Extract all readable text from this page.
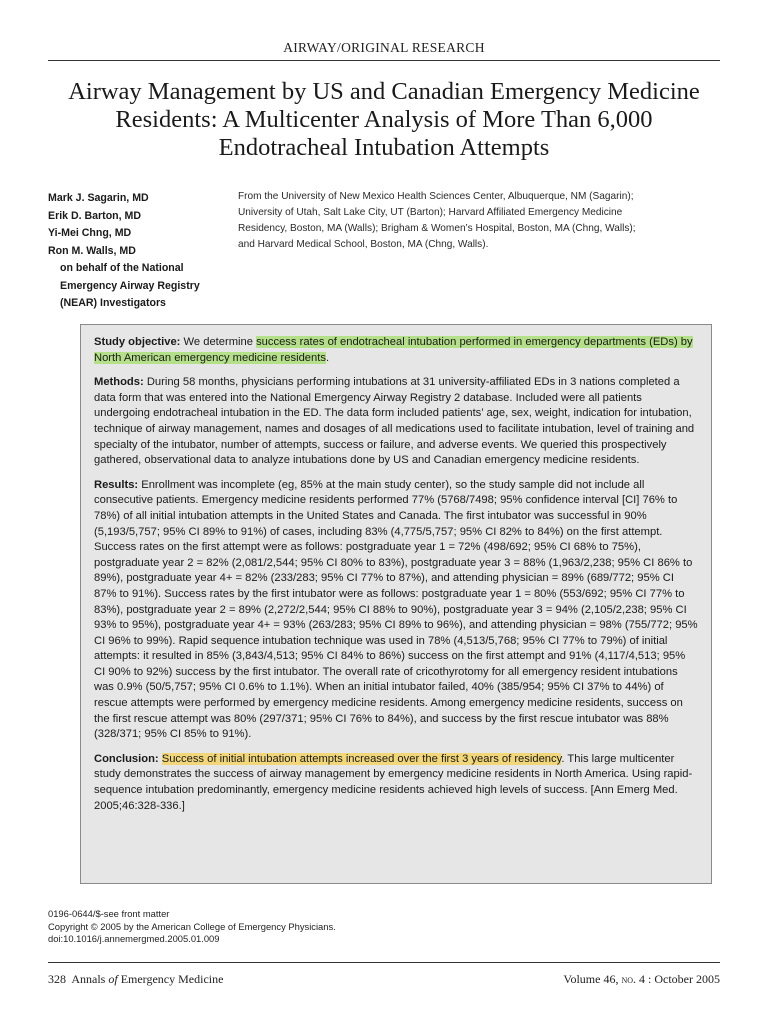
AIRWAY/ORIGINAL RESEARCH
Airway Management by US and Canadian Emergency Medicine
Residents: A Multicenter Analysis of More Than 6,000
Endotracheal Intubation Attempts
Mark J. Sagarin, MD
Erik D. Barton, MD
Yi-Mei Chng, MD
Ron M. Walls, MD
on behalf of the National
Emergency Airway Registry
(NEAR) Investigators
From the University of New Mexico Health Sciences Center, Albuquerque, NM (Sagarin);
University of Utah, Salt Lake City, UT (Barton); Harvard Affiliated Emergency Medicine
Residency, Boston, MA (Walls); Brigham & Women’s Hospital, Boston, MA (Chng, Walls);
and Harvard Medical School, Boston, MA (Chng, Walls).

Study objective: We determine success rates of endotracheal intubation performed in emergency departments (EDs) by North American emergency medicine residents.

Methods: During 58 months, physicians performing intubations at 31 university-affiliated EDs in 3 nations completed a data form that was entered into the National Emergency Airway Registry 2 database. Included were all patients undergoing endotracheal intubation in the ED. The data form included patients’ age, sex, weight, indication for intubation, technique of airway management, names and dosages of all medications used to facilitate intubation, level of training and specialty of the intubator, number of attempts, success or failure, and adverse events. We queried this prospectively gathered, observational data to analyze intubations done by US and Canadian emergency medicine residents.

Results: Enrollment was incomplete (eg, 85% at the main study center), so the study sample did not include all consecutive patients. Emergency medicine residents performed 77% (5768/7498; 95% confidence interval [CI] 76% to 78%) of all initial intubation attempts in the United States and Canada. The first intubator was successful in 90% (5,193/5,757; 95% CI 89% to 91%) of cases, including 83% (4,775/5,757; 95% CI 82% to 84%) on the first attempt. Success rates on the first attempt were as follows: postgraduate year 1 = 72% (498/692; 95% CI 68% to 75%), postgraduate year 2 = 82% (2,081/2,544; 95% CI 80% to 83%), postgraduate year 3 = 88% (1,963/2,238; 95% CI 86% to 89%), postgraduate year 4+ = 82% (233/283; 95% CI 77% to 87%), and attending physician = 89% (689/772; 95% CI 87% to 91%). Success rates by the first intubator were as follows: postgraduate year 1 = 80% (553/692; 95% CI 77% to 83%), postgraduate year 2 = 89% (2,272/2,544; 95% CI 88% to 90%), postgraduate year 3 = 94% (2,105/2,238; 95% CI 93% to 95%), postgraduate year 4+ = 93% (263/283; 95% CI 89% to 96%), and attending physician = 98% (755/772; 95% CI 96% to 99%). Rapid sequence intubation technique was used in 78% (4,513/5,768; 95% CI 77% to 79%) of initial attempts: it resulted in 85% (3,843/4,513; 95% CI 84% to 86%) success on the first attempt and 91% (4,117/4,513; 95% CI 90% to 92%) success by the first intubator. The overall rate of cricothyrotomy for all emergency resident intubations was 0.9% (50/5,757; 95% CI 0.6% to 1.1%). When an initial intubator failed, 40% (385/954; 95% CI 37% to 44%) of rescue attempts were performed by emergency medicine residents. Among emergency medicine residents, success on the first rescue attempt was 80% (297/371; 95% CI 76% to 84%), and success by the first rescue intubator was 88% (328/371; 95% CI 85% to 91%).

Conclusion: Success of initial intubation attempts increased over the first 3 years of residency. This large multicenter study demonstrates the success of airway management by emergency medicine residents in North America. Using rapid-sequence intubation predominantly, emergency medicine residents achieved high levels of success. [Ann Emerg Med. 2005;46:328-336.]

0196-0644/$-see front matter
Copyright © 2005 by the American College of Emergency Physicians.
doi:10.1016/j.annemergmed.2005.01.009
328 Annals of Emergency Medicine	Volume 46, no. 4 : October 2005
